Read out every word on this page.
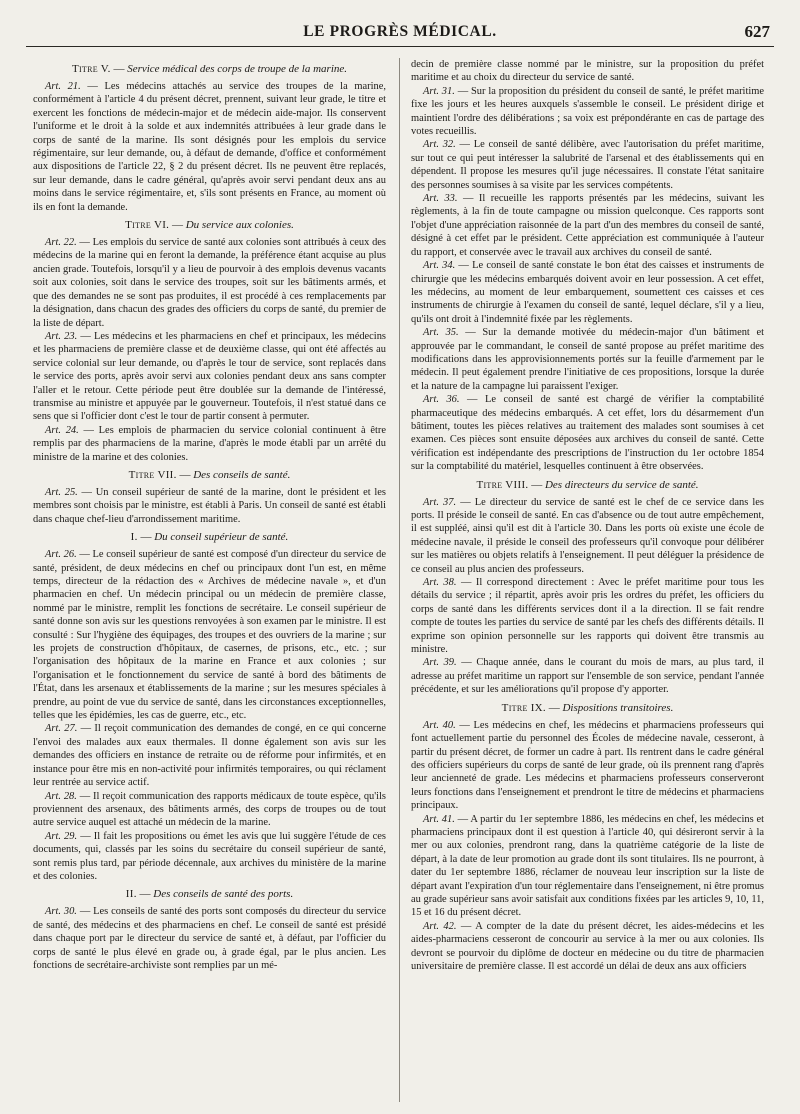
LE PROGRÈS MÉDICAL.	627

Titre V. — Service médical des corps de troupe de la marine.

Art. 21. — Les médecins attachés au service des troupes de la marine, conformément à l'article 4 du présent décret, prennent, suivant leur grade, le titre et exercent les fonctions de médecin-major et de médecin aide-major. Ils conservent l'uniforme et le droit à la solde et aux indemnités attribuées à leur grade dans le corps de santé de la marine. Ils sont désignés pour les emplois du service régimentaire, sur leur demande, ou, à défaut de demande, d'office et conformément aux dispositions de l'article 22, § 2 du présent décret. Ils ne peuvent être replacés, sur leur demande, dans le cadre général, qu'après avoir servi pendant deux ans au moins dans le service régimentaire, et, s'ils sont présents en France, au moment où ils en font la demande.

Titre VI. — Du service aux colonies.

Art. 22. — Les emplois du service de santé aux colonies sont attribués à ceux des médecins de la marine qui en feront la demande, la préférence étant acquise au plus ancien grade. Toutefois, lorsqu'il y a lieu de pourvoir à des emplois devenus vacants soit aux colonies, soit dans le service des troupes, soit sur les bâtiments armés, et que des demandes ne se sont pas produites, il est procédé à ces remplacements par la désignation, dans chacun des grades des officiers du corps de santé, du premier de la liste de départ.

Art. 23. — Les médecins et les pharmaciens en chef et principaux, les médecins et les pharmaciens de première classe et de deuxième classe, qui ont été affectés au service colonial sur leur demande, ou d'après le tour de service, sont replacés dans le service des ports, après avoir servi aux colonies pendant deux ans sans compter l'aller et le retour. Cette période peut être doublée sur la demande de l'intéressé, transmise au ministre et appuyée par le gouverneur. Toutefois, il n'est statué dans ce sens que si l'officier dont c'est le tour de partir consent à permuter.

Art. 24. — Les emplois de pharmacien du service colonial continuent à être remplis par des pharmaciens de la marine, d'après le mode établi par un arrêté du ministre de la marine et des colonies.

Titre VII. — Des conseils de santé.

Art. 25. — Un conseil supérieur de santé de la marine, dont le président et les membres sont choisis par le ministre, est établi à Paris. Un conseil de santé est établi dans chaque chef-lieu d'arrondissement maritime.

I. — Du conseil supérieur de santé.

Art. 26. — Le conseil supérieur de santé est composé d'un directeur du service de santé, président, de deux médecins en chef ou principaux dont l'un est, en même temps, directeur de la rédaction des « Archives de médecine navale », et d'un pharmacien en chef. Un médecin principal ou un médecin de première classe, nommé par le ministre, remplit les fonctions de secrétaire. Le conseil supérieur de santé donne son avis sur les questions renvoyées à son examen par le ministre. Il est consulté : Sur l'hygiène des équipages, des troupes et des ouvriers de la marine ; sur les projets de construction d'hôpitaux, de casernes, de prisons, etc., etc. ; sur l'organisation des hôpitaux de la marine en France et aux colonies ; sur l'organisation et le fonctionnement du service de santé à bord des bâtiments de l'État, dans les arsenaux et établissements de la marine ; sur les mesures spéciales à prendre, au point de vue du service de santé, dans les circonstances exceptionnelles, telles que les épidémies, les cas de guerre, etc., etc.

Art. 27. — Il reçoit communication des demandes de congé, en ce qui concerne l'envoi des malades aux eaux thermales. Il donne également son avis sur les demandes des officiers en instance de retraite ou de réforme pour infirmités, et en instance pour être mis en non-activité pour infirmités temporaires, ou qui réclament leur rentrée au service actif.

Art. 28. — Il reçoit communication des rapports médicaux de toute espèce, qu'ils proviennent des arsenaux, des bâtiments armés, des corps de troupes ou de tout autre service auquel est attaché un médecin de la marine.

Art. 29. — Il fait les propositions ou émet les avis que lui suggère l'étude de ces documents, qui, classés par les soins du secrétaire du conseil supérieur de santé, sont remis plus tard, par période décennale, aux archives du ministère de la marine et des colonies.

II. — Des conseils de santé des ports.

Art. 30. — Les conseils de santé des ports sont composés du directeur du service de santé, des médecins et des pharmaciens en chef. Le conseil de santé est présidé dans chaque port par le directeur du service de santé et, à défaut, par l'officier du corps de santé le plus élevé en grade ou, à grade égal, par le plus ancien. Les fonctions de secrétaire-archiviste sont remplies par un mé-

decin de première classe nommé par le ministre, sur la proposition du préfet maritime et au choix du directeur du service de santé.

Art. 31. — Sur la proposition du président du conseil de santé, le préfet maritime fixe les jours et les heures auxquels s'assemble le conseil. Le président dirige et maintient l'ordre des délibérations ; sa voix est prépondérante en cas de partage des votes recueillis.

Art. 32. — Le conseil de santé délibère, avec l'autorisation du préfet maritime, sur tout ce qui peut intéresser la salubrité de l'arsenal et des établissements qui en dépendent. Il propose les mesures qu'il juge nécessaires. Il constate l'état sanitaire des personnes soumises à sa visite par les services compétents.

Art. 33. — Il recueille les rapports présentés par les médecins, suivant les règlements, à la fin de toute campagne ou mission quelconque. Ces rapports sont l'objet d'une appréciation raisonnée de la part d'un des membres du conseil de santé, désigné à cet effet par le président. Cette appréciation est communiquée à l'auteur du rapport, et conservée avec le travail aux archives du conseil de santé.

Art. 34. — Le conseil de santé constate le bon état des caisses et instruments de chirurgie que les médecins embarqués doivent avoir en leur possession. A cet effet, les médecins, au moment de leur embarquement, soumettent ces caisses et ces instruments de chirurgie à l'examen du conseil de santé, lequel déclare, s'il y a lieu, qu'ils ont droit à l'indemnité fixée par les règlements.

Art. 35. — Sur la demande motivée du médecin-major d'un bâtiment et approuvée par le commandant, le conseil de santé propose au préfet maritime des modifications dans les approvisionnements portés sur la feuille d'armement par le médecin. Il peut également prendre l'initiative de ces propositions, lorsque la durée et la nature de la campagne lui paraissent l'exiger.

Art. 36. — Le conseil de santé est chargé de vérifier la comptabilité pharmaceutique des médecins embarqués. A cet effet, lors du désarmement d'un bâtiment, toutes les pièces relatives au traitement des malades sont soumises à cet examen. Ces pièces sont ensuite déposées aux archives du conseil de santé. Cette vérification est indépendante des prescriptions de l'instruction du 1er octobre 1854 sur la comptabilité du matériel, lesquelles continuent à être observées.

Titre VIII. — Des directeurs du service de santé.

Art. 37. — Le directeur du service de santé est le chef de ce service dans les ports. Il préside le conseil de santé. En cas d'absence ou de tout autre empêchement, il est suppléé, ainsi qu'il est dit à l'article 30. Dans les ports où existe une école de médecine navale, il préside le conseil des professeurs qu'il convoque pour délibérer sur les matières ou objets relatifs à l'enseignement. Il peut déléguer la présidence de ce conseil au plus ancien des professeurs.

Art. 38. — Il correspond directement : Avec le préfet maritime pour tous les détails du service ; il répartit, après avoir pris les ordres du préfet, les officiers du corps de santé dans les différents services dont il a la direction. Il se fait rendre compte de toutes les parties du service de santé par les chefs des différents détails. Il exprime son opinion personnelle sur les rapports qui doivent être transmis au ministre.

Art. 39. — Chaque année, dans le courant du mois de mars, au plus tard, il adresse au préfet maritime un rapport sur l'ensemble de son service, pendant l'année précédente, et sur les améliorations qu'il propose d'y apporter.

Titre IX. — Dispositions transitoires.

Art. 40. — Les médecins en chef, les médecins et pharmaciens professeurs qui font actuellement partie du personnel des Écoles de médecine navale, cesseront, à partir du présent décret, de former un cadre à part. Ils rentrent dans le cadre général des officiers supérieurs du corps de santé de leur grade, où ils prennent rang d'après leur ancienneté de grade. Les médecins et pharmaciens professeurs conserveront leurs fonctions dans l'enseignement et prendront le titre de médecins et pharmaciens principaux.

Art. 41. — A partir du 1er septembre 1886, les médecins en chef, les médecins et pharmaciens principaux dont il est question à l'article 40, qui désireront servir à la mer ou aux colonies, prendront rang, dans la quatrième catégorie de la liste de départ, à la date de leur promotion au grade dont ils sont titulaires. Ils ne pourront, à dater du 1er septembre 1886, réclamer de nouveau leur inscription sur la liste de départ avant l'expiration d'un tour réglementaire dans l'enseignement, ni être promus au grade supérieur sans avoir satisfait aux conditions fixées par les articles 9, 10, 11, 15 et 16 du présent décret.

Art. 42. — A compter de la date du présent décret, les aides-médecins et les aides-pharmaciens cesseront de concourir au service à la mer ou aux colonies. Ils devront se pourvoir du diplôme de docteur en médecine ou du titre de pharmacien universitaire de première classe. Il est accordé un délai de deux ans aux officiers
